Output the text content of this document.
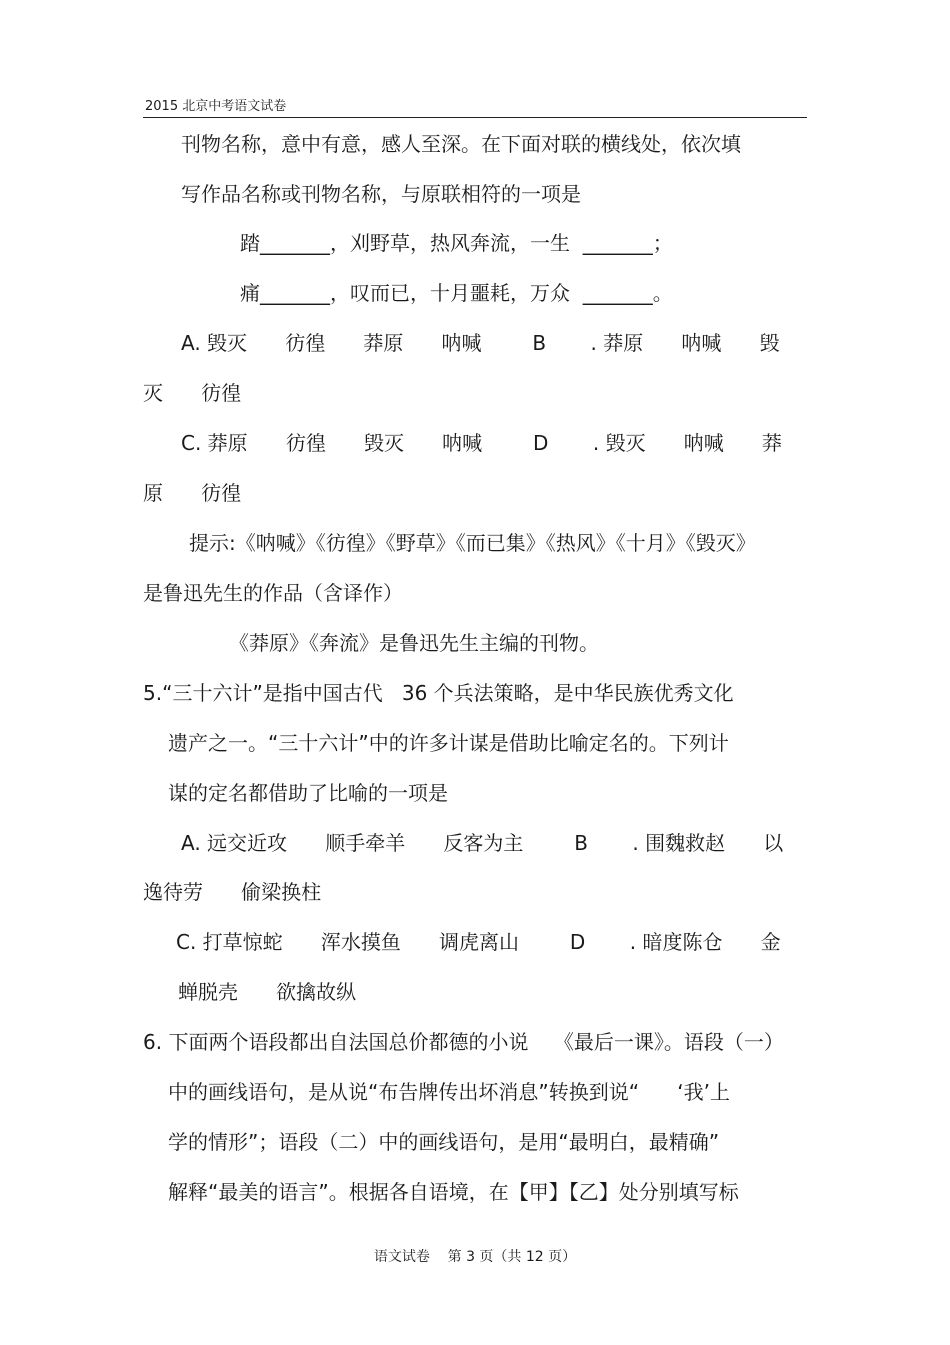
2015 北京中考语文试卷
刊物名称，意中有意，感人至深。在下面对联的横线处，依次填
写作品名称或刊物名称，与原联相符的一项是
踏_______，刈野草，热风奔流，一生  _______；
痛_______，叹而已，十月噩耗，万众  _______。
A. 毁灭      彷徨      莽原      呐喊        B       . 莽原      呐喊      毁
灭      彷徨
C. 莽原      彷徨      毁灭      呐喊        D       . 毁灭      呐喊      莽
原      彷徨
提示:《呐喊》《彷徨》《野草》《而已集》《热风》《十月》《毁灭》
是鲁迅先生的作品（含译作）
《莽原》《奔流》是鲁迅先生主编的刊物。
5.“三十六计”是指中国古代   36 个兵法策略，是中华民族优秀文化
遗产之一。“三十六计”中的许多计谋是借助比喻定名的。下列计
谋的定名都借助了比喻的一项是
A. 远交近攻      顺手牵羊      反客为主        B       . 围魏救赵      以
逸待劳      偷梁换柱
C. 打草惊蛇      浑水摸鱼      调虎离山        D       . 暗度陈仓      金
蝉脱壳      欲擒故纵
6. 下面两个语段都出自法国总价都德的小说    《最后一课》。语段（一）
中的画线语句，是从说“布告牌传出坏消息”转换到说“      ‘我’上
学的情形”；语段（二）中的画线语句，是用“最明白，最精确”
解释“最美的语言”。根据各自语境，在【甲】【乙】处分别填写标
语文试卷    第 3 页（共 12 页）
